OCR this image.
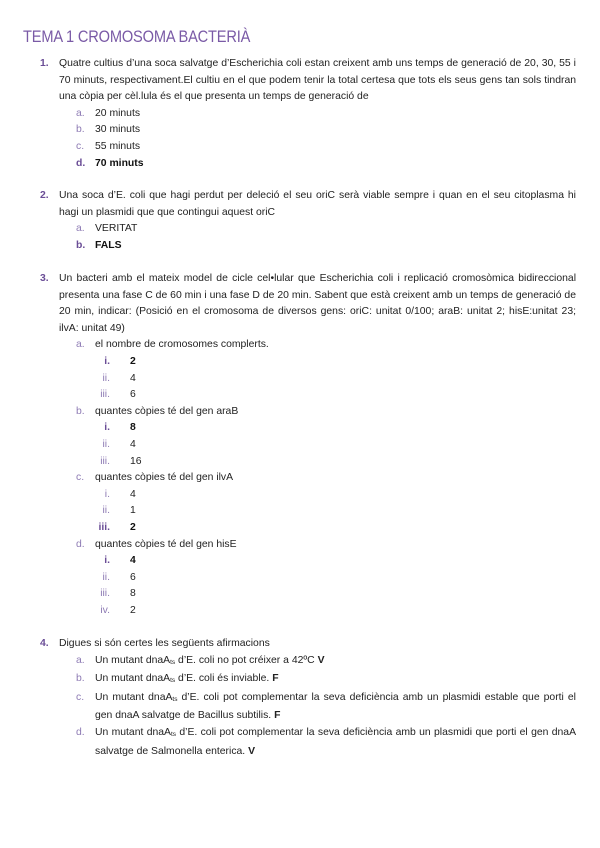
TEMA 1 CROMOSOMA BACTERIÀ
1. Quatre cultius d’una soca salvatge d’Escherichia coli estan creixent amb uns temps de generació de 20, 30, 55 i 70 minuts, respectivament.El cultiu en el que podem tenir la total certesa que tots els seus gens tan sols tindran una còpia per cèl.lula és el que presenta un temps de generació de
a. 20 minuts
b. 30 minuts
c. 55 minuts
d. 70 minuts
2. Una soca d’E. coli que hagi perdut per deleció el seu oriC serà viable sempre i quan en el seu citoplasma hi hagi un plasmidi que que contingui aquest oriC
a. VERITAT
b. FALS
3. Un bacteri amb el mateix model de cicle cel•lular que Escherichia coli i replicació cromosòmica bidireccional presenta una fase C de 60 min i una fase D de 20 min. Sabent que està creixent amb un temps de generació de 20 min, indicar: (Posició en el cromosoma de diversos gens: oriC: unitat 0/100; araB: unitat 2; hisE:unitat 23; ilvA: unitat 49)
a. el nombre de cromosomes complerts.
i. 2
ii. 4
iii. 6
b. quantes còpies té del gen araB
i. 8
ii. 4
iii. 16
c. quantes còpies té del gen ilvA
i. 4
ii. 1
iii. 2
d. quantes còpies té del gen hisE
i. 4
ii. 6
iii. 8
iv. 2
4. Digues si són certes les següents afirmacions
a. Un mutant dnaA$_{ts}$ d’E. coli no pot créixer a 42ºC V
b. Un mutant dnaA$_{ts}$ d’E. coli és inviable. F
c. Un mutant dnaA$_{ts}$ d’E. coli pot complementar la seva deficiència amb un plasmidi estable que porti el gen dnaA salvatge de Bacillus subtilis. F
d. Un mutant dnaA$_{ts}$ d’E. coli pot complementar la seva deficiència amb un plasmidi que porti el gen dnaA salvatge de Salmonella enterica. V
